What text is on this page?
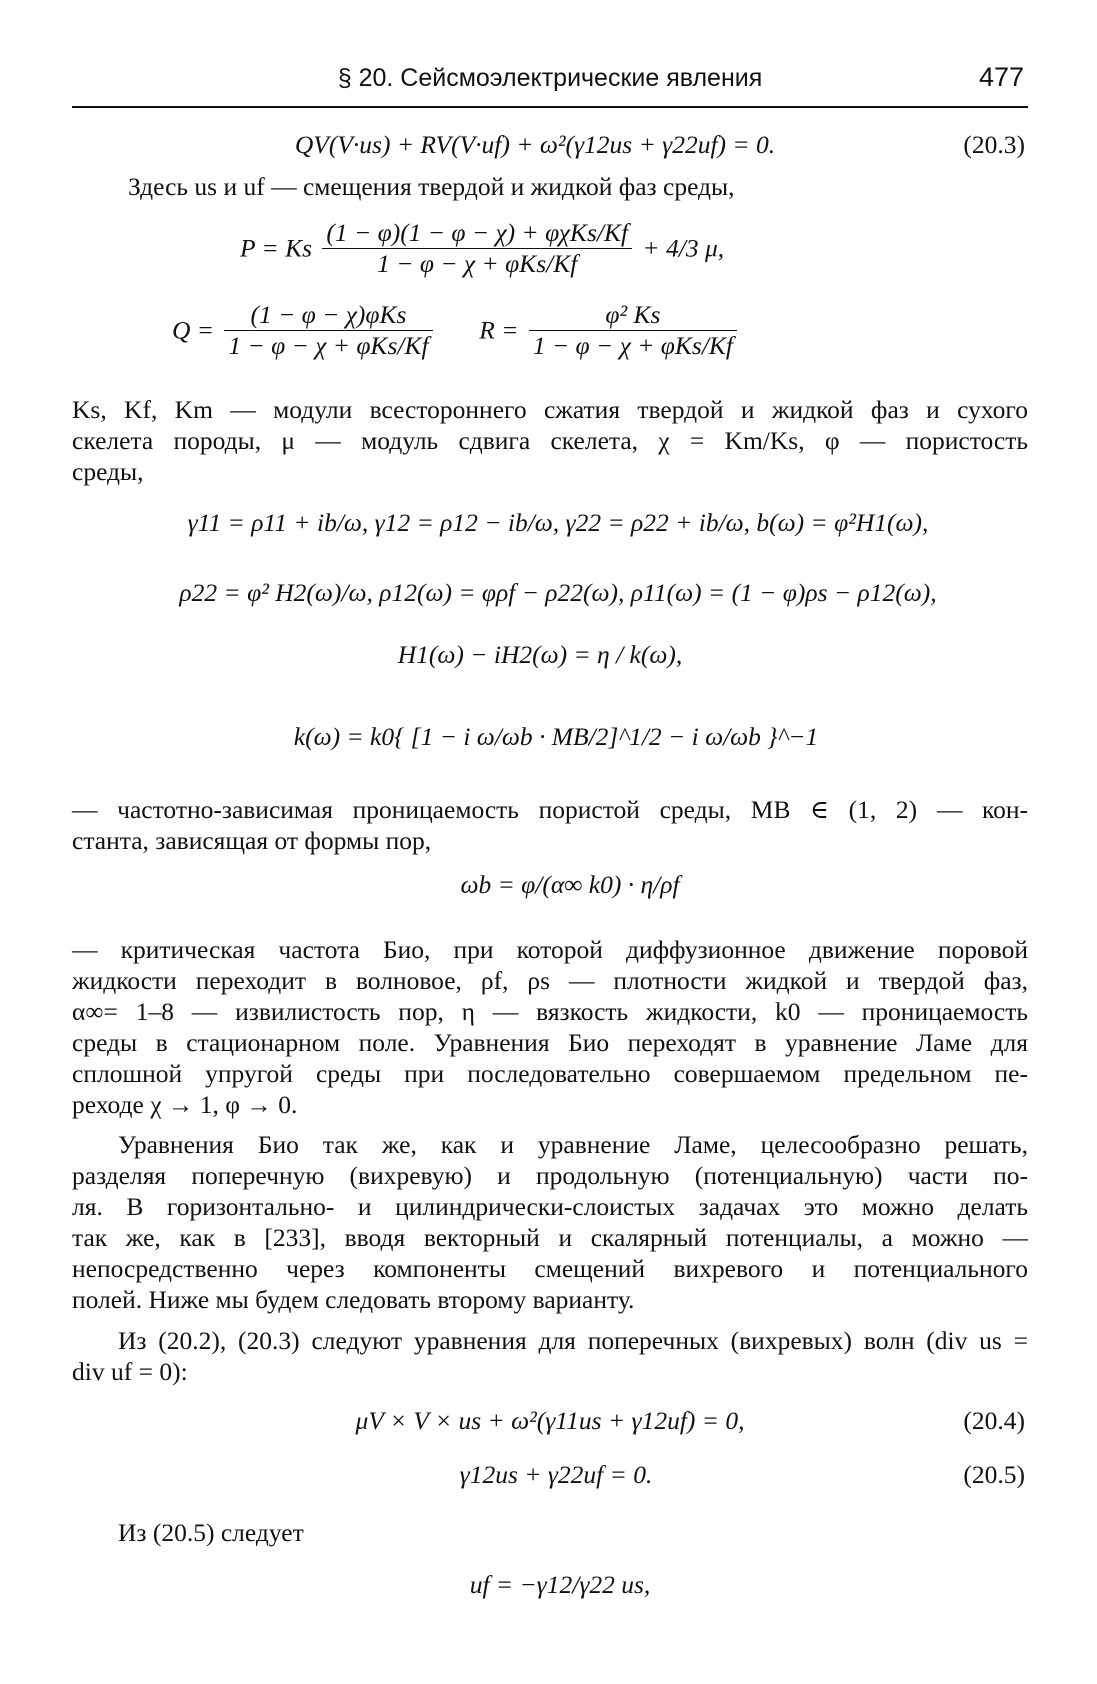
§ 20. Сейсмоэлектрические явления	477
QV(V·us) + RV(V·uf) + ω²(γ12us + γ22uf) = 0.	(20.3)
Здесь us и uf — смещения твердой и жидкой фаз среды,
P = Ks $\frac{\text{(1 − φ)(1 − φ − χ) + φχKs/Kf}}{\text{1 − φ − χ + φKs/Kf}} + 4/3$ μ,
$Q = \frac{\text{(1 − φ − χ)φKs}}{\text{1 − φ − χ + φKs/Kf}}$ $R = \frac{\text{φ² Ks}}{\text{1 − φ − χ + φKs/Kf}}$
Ks, Kf, Km — модули всестороннего сжатия твердой и жидкой фаз и сухого
скелета породы, μ — модуль сдвига скелета, χ = Km/Ks, φ — пористость
среды,
γ11 = ρ11 + ib/ω, γ12 = ρ12 − ib/ω, γ22 = ρ22 + ib/ω, b(ω) = φ²H1(ω),
ρ22 = φ² H2(ω)/ω, ρ12(ω) = φρf − ρ22(ω), ρ11(ω) = (1 − φ)ρs − ρ12(ω),
H1(ω) − iH2(ω) = η / k(ω),
k(ω) = k0{ [1 − i ω/ωb · MB/2]^1/2 − i ω/ωb }^−1
— частотно-зависимая проницаемость пористой среды, MB ∈ (1, 2) — кон-
станта, зависящая от формы пор,
ωb = φ/(α∞ k0) · η/ρf
— критическая частота Био, при которой диффузионное движение поровой
жидкости переходит в волновое, ρf, ρs — плотности жидкой и твердой фаз,
α∞= 1–8 — извилистость пор, η — вязкость жидкости, k0 — проницаемость
среды в стационарном поле. Уравнения Био переходят в уравнение Ламе для
сплошной упругой среды при последовательно совершаемом предельном пе-
реходе χ → 1, φ → 0.
Уравнения Био так же, как и уравнение Ламе, целесообразно решать,
разделяя поперечную (вихревую) и продольную (потенциальную) части по-
ля. В горизонтально- и цилиндрически-слоистых задачах это можно делать
так же, как в [233], вводя векторный и скалярный потенциалы, а можно —
непосредственно через компоненты смещений вихревого и потенциального
полей. Ниже мы будем следовать второму варианту.
Из (20.2), (20.3) следуют уравнения для поперечных (вихревых) волн (div us =
div uf = 0):
μV × V × us + ω²(γ11us + γ12uf) = 0,	(20.4)
γ12us + γ22uf = 0.	(20.5)
Из (20.5) следует
uf = −γ12/γ22 us,
